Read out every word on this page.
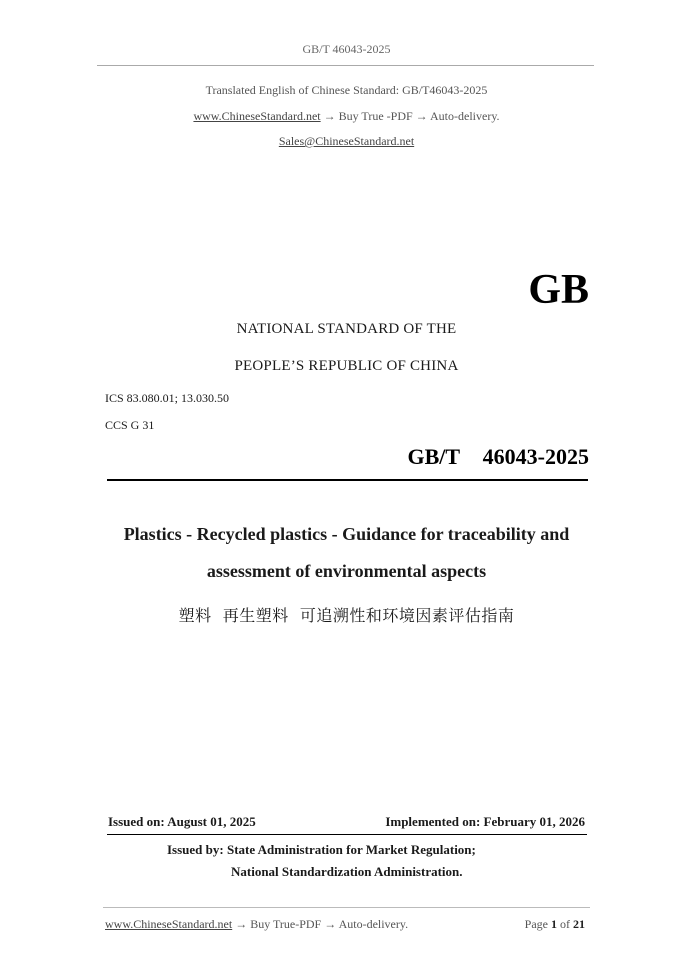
GB/T 46043-2025
Translated English of Chinese Standard: GB/T46043-2025
www.ChineseStandard.net → Buy True -PDF → Auto-delivery.
Sales@ChineseStandard.net
GB
NATIONAL STANDARD OF THE
PEOPLE’S REPUBLIC OF CHINA
ICS 83.080.01; 13.030.50
CCS G 31
GB/T  46043-2025
Plastics - Recycled plastics - Guidance for traceability and
assessment of environmental aspects
塑料  再生塑料  可追溯性和环境因素评估指南
Issued on: August 01, 2025	Implemented on: February 01, 2026
Issued by: State Administration for Market Regulation;
National Standardization Administration.
www.ChineseStandard.net → Buy True-PDF → Auto-delivery.	Page 1 of 21
